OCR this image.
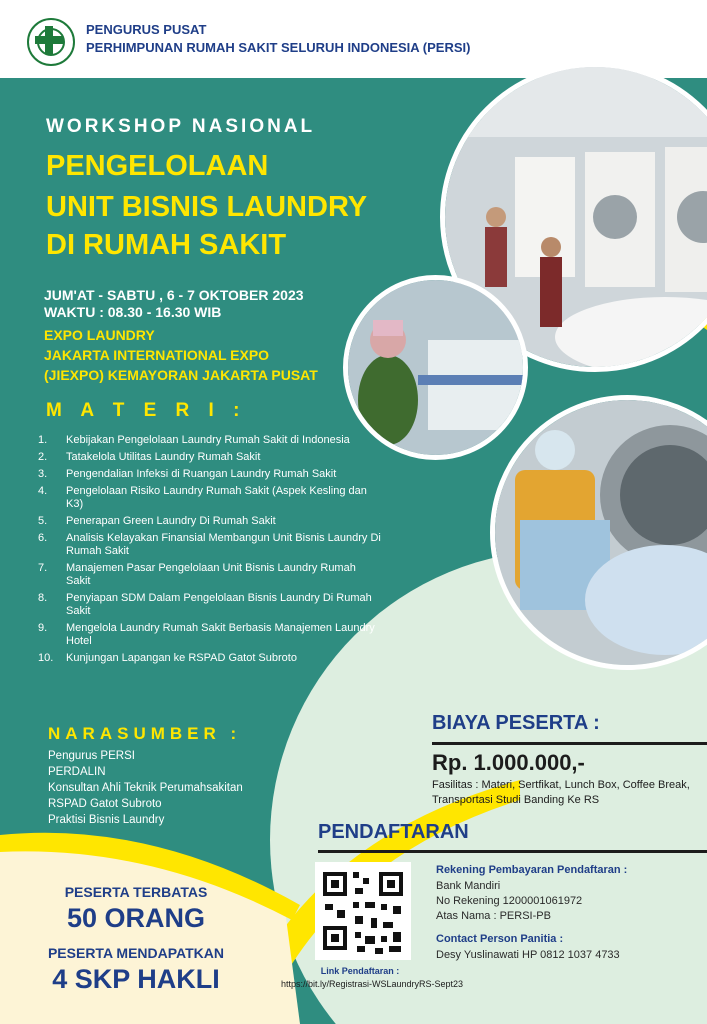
PENGURUS PUSAT
PERHIMPUNAN RUMAH SAKIT SELURUH INDONESIA (PERSI)
WORKSHOP NASIONAL
PENGELOLAAN
UNIT BISNIS LAUNDRY
DI RUMAH SAKIT
JUM'AT - SABTU , 6 - 7 OKTOBER 2023
WAKTU : 08.30 - 16.30 WIB
EXPO LAUNDRY
JAKARTA INTERNATIONAL EXPO
(JIEXPO) KEMAYORAN JAKARTA PUSAT
M A T E R I :
1.	Kebijakan Pengelolaan Laundry Rumah Sakit di Indonesia
2.	Tatakelola Utilitas Laundry Rumah Sakit
3.	Pengendalian Infeksi di Ruangan Laundry Rumah Sakit
4.	Pengelolaan Risiko Laundry Rumah Sakit (Aspek Kesling dan K3)
5.	Penerapan Green Laundry Di Rumah Sakit
6.	Analisis Kelayakan Finansial Membangun Unit Bisnis Laundry Di Rumah Sakit
7.	Manajemen Pasar Pengelolaan Unit Bisnis Laundry Rumah Sakit
8.	Penyiapan SDM Dalam Pengelolaan Bisnis Laundry Di Rumah Sakit
9.	Mengelola Laundry Rumah Sakit Berbasis Manajemen Laundry Hotel
10.	Kunjungan Lapangan ke RSPAD Gatot Subroto
NARASUMBER :
Pengurus PERSI
PERDALIN
Konsultan Ahli Teknik Perumahsakitan
RSPAD Gatot Subroto
Praktisi Bisnis Laundry
BIAYA PESERTA :
Rp. 1.000.000,-
Fasilitas : Materi, Sertfikat, Lunch Box, Coffee Break, Transportasi Studi Banding Ke RS
PENDAFTARAN
Link Pendaftaran :
https://bit.ly/Registrasi-WSLaundryRS-Sept23
Rekening Pembayaran Pendaftaran :
Bank Mandiri
No Rekening 1200001061972
Atas Nama : PERSI-PB
Contact Person Panitia :
Desy Yuslinawati HP 0812 1037 4733
PESERTA TERBATAS
50 ORANG
PESERTA MENDAPATKAN
4 SKP HAKLI
